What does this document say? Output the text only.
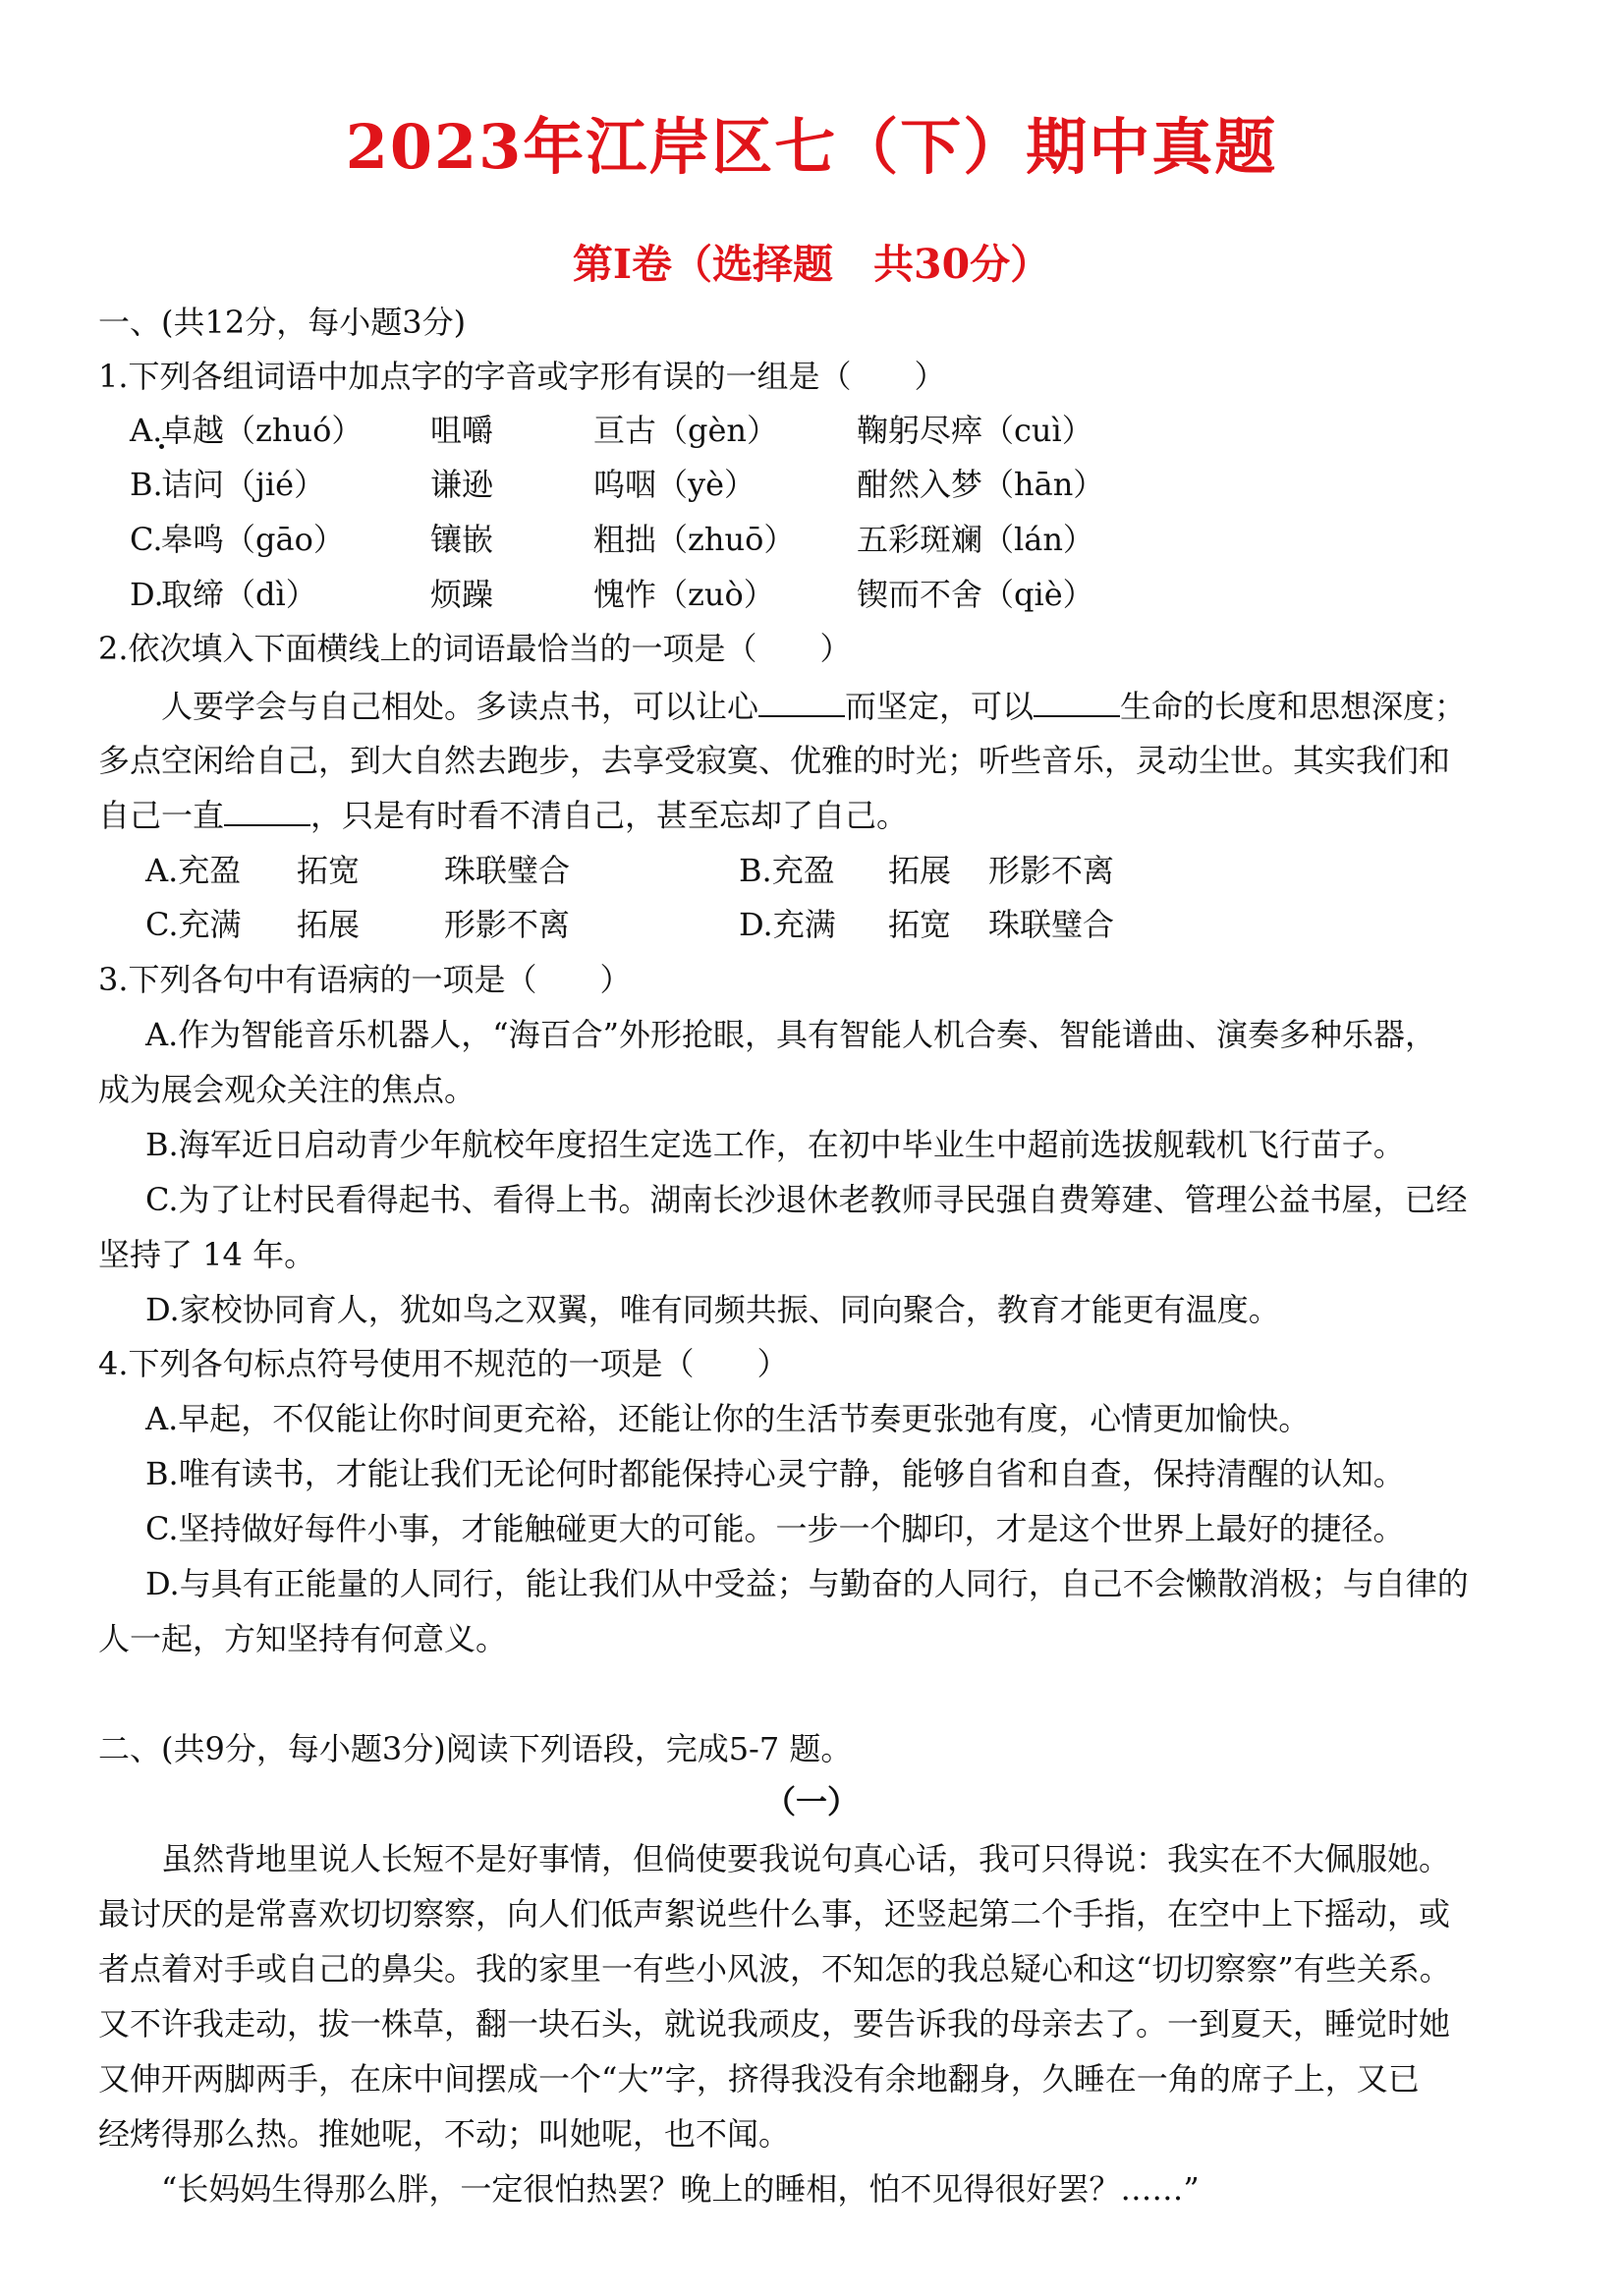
2023年江岸区七（下）期中真题
第I卷（选择题　共30分）
一、(共12分，每小题3分)
1.下列各组词语中加点字的字音或字形有误的一组是（　　）
A.
卓越（zhuó） 咀嚼	亘古（gèn） 鞠躬尽瘁（cuì）
B.
诘问（jié）	谦逊	呜咽（yè）	酣然入梦（hān）
C.
皋鸣（gāo）	镶嵌	粗拙（zhuō） 五彩斑斓（lán）
D.
取缔（dì）	烦躁	愧怍（zuò）	锲而不舍（qiè）
2.依次填入下面横线上的词语最恰当的一项是（　　）
人要学会与自己相处。多读点书，可以让心	而坚定，可以	生命的长度和思想深度；
多点空闲给自己，到大自然去跑步，去享受寂寞、优雅的时光；听些音乐，灵动尘世。其实我们和
自己一直	，只是有时看不清自己，甚至忘却了自己。
A.充盈 拓宽	珠联璧合	B.充盈 拓展 形影不离
C.充满 拓展	形影不离	D.充满 拓宽 珠联璧合
3.下列各句中有语病的一项是（　　）
A.作为智能音乐机器人，“海百合”外形抢眼，具有智能人机合奏、智能谱曲、演奏多种乐器，
成为展会观众关注的焦点。
B.海军近日启动青少年航校年度招生定选工作，在初中毕业生中超前选拔舰载机飞行苗子。
C.为了让村民看得起书、看得上书。湖南长沙退休老教师寻民强自费筹建、管理公益书屋，已经
坚持了 14 年。
D.家校协同育人，犹如鸟之双翼，唯有同频共振、同向聚合，教育才能更有温度。
4.下列各句标点符号使用不规范的一项是（　　）
A.早起，不仅能让你时间更充裕，还能让你的生活节奏更张弛有度，心情更加愉快。
B.唯有读书，才能让我们无论何时都能保持心灵宁静，能够自省和自查，保持清醒的认知。
C.坚持做好每件小事，才能触碰更大的可能。一步一个脚印，才是这个世界上最好的捷径。
D.与具有正能量的人同行，能让我们从中受益；与勤奋的人同行，自己不会懒散消极；与自律的
人一起，方知坚持有何意义。
二、(共9分，每小题3分)阅读下列语段，完成5-7 题。
（一）
虽然背地里说人长短不是好事情，但倘使要我说句真心话，我可只得说：我实在不大佩服她。
最讨厌的是常喜欢切切察察，向人们低声絮说些什么事，还竖起第二个手指，在空中上下摇动，或
者点着对手或自己的鼻尖。我的家里一有些小风波，不知怎的我总疑心和这“切切察察”有些关系。
又不许我走动，拔一株草，翻一块石头，就说我顽皮，要告诉我的母亲去了。一到夏天，睡觉时她
又伸开两脚两手，在床中间摆成一个“大”字，挤得我没有余地翻身，久睡在一角的席子上，又已
经烤得那么热。推她呢，不动；叫她呢，也不闻。
“长妈妈生得那么胖，一定很怕热罢？晚上的睡相，怕不见得很好罢？……”
